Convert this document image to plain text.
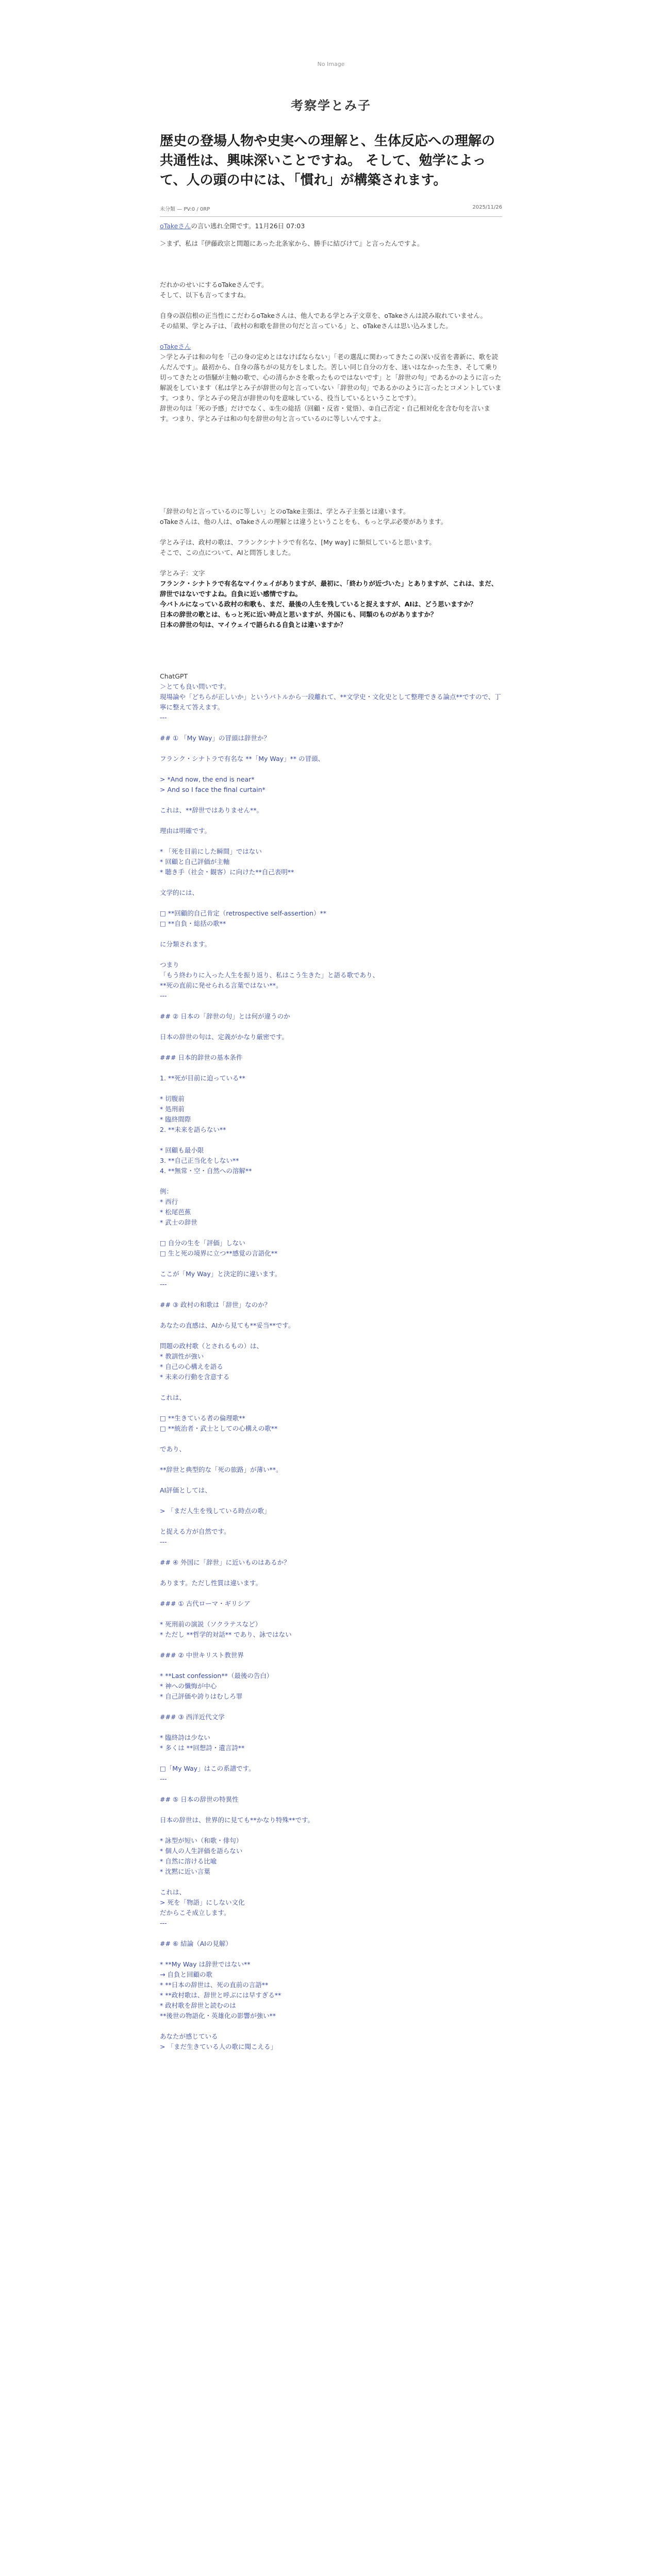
No Image
考察学とみ子
歴史の登場人物や史実への理解と、生体反応への理解の共通性は、興味深いことですね。 そして、勉学によって、人の頭の中には、「慣れ」が構築されます。
未分類 — PV:0 / 0RP	2025/11/26

oTakeさんの言い逃れ全開です。11月26日 07:03

＞まず、私は『伊藤政宗と問題にあった北条家から、勝手に結びけて』と言ったんですよ。

だれかのせいにするoTakeさんです。
そして、以下も言ってますね。

自身の誤信根の正当性にこだわるoTakeさんは、他人である学とみ子文章を、oTakeさんは読み取れていません。
その結果、学とみ子は、「政村の和歌を辞世の句だと言っている」と、oTakeさんは思い込みました。

oTakeさん

＞学とみ子は和の句を「己の身の定めとはなけばならない」「老の選乱に関わってきたこの深い反省を書新に、歌を読んだんです」。最初から、自身の落ちがの見方をしました。苦しい同じ自分の方を、迷いはなかった生き、そして乗り切ってきたとの悟騒が主軸の歌で、心の清らかさを歌ったものではないです」と「辞世の句」であるかのように言った解説をしています（私は学とみ子が辞世の句と言っていない「辞世の句」であるかのように言ったとコメントしています。つまり、学とみ子の発言が辞世の句を意味している、役当しているということです）。
辞世の句は「死の予感」だけでなく、①生の総括（回顧・反省・覚悟）、②自己否定・自己相対化を含む句を言います。つまり、学とみ子は和の句を辞世の句と言っているのに等しいんですよ。

「辞世の句と言っているのに等しい」とのoTake主張は、学とみ子主張とは違います。
oTakeさんは、他の人は、oTakeさんの理解とは違うということをも、もっと学ぶ必要があります。

学とみ子は、政村の歌は、フランクシナトラで有名な、[My way] に類似していると思います。
そこで、この点について、AIと問答しました。

学とみ子：文字

フランク・シナトラで有名なマイウェイがありますが、最初に、「終わりが近づいた」とありますが、これは、まだ、辞世ではないですよね。自負に近い感情ですね。
今バトルになっている政村の和歌も、まだ、最後の人生を残していると捉えますが、AIは、どう思いますか？
日本の辞世の歌とは、もっと死に近い時点と思いますが、外国にも、同類のものがありますか？
日本の辞世の句は、マイウェイで語られる自負とは違いますか？

ChatGPT

＞とても良い問いです。
現場論や「どちらが正しいか」というバトルから一段離れて、**文学史・文化史として整理できる論点**ですので、丁寧に整えて答えます。

---

## ① 「My Way」の冒頭は辞世か？

フランク・シナトラで有名な **「My Way」** の冒頭、

> *And now, the end is near*
> And so I face the final curtain*

これは、**辞世ではありません**。

理由は明確です。

* 「死を目前にした瞬間」ではない
* 回顧と自己評価が主軸
* 聴き手（社会・観客）に向けた**自己表明**

文学的には、

□ **回顧的自己肯定（retrospective self-assertion）**
□ **自負・総括の歌**

に分類されます。

つまり
「もう終わりに入った人生を振り返り、私はこう生きた」と語る歌であり、
**死の直前に発せられる言葉ではない**。
---

## ② 日本の「辞世の句」とは何が違うのか

日本の辞世の句は、定義がかなり厳密です。

### 日本的辞世の基本条件

1. **死が目前に迫っている**

* 切腹前
* 処刑前
* 臨終間際
2. **未来を語らない**

* 回顧も最小限
3. **自己正当化をしない**
4. **無常・空・自然への溶解**

例：
* 西行
* 松尾芭蕉
* 武士の辞世

□ 自分の生を「評価」しない
□ 生と死の境界に立つ**感覚の言語化**

ここが「My Way」と決定的に違います。
---

## ③ 政村の和歌は「辞世」なのか？

あなたの直感は、AIから見ても**妥当**です。

問題の政村歌（とされるもの）は、
* 教訓性が強い
* 自己の心構えを語る
* 未来の行動を含意する

これは、

□ **生きている者の倫理歌**
□ **統治者・武士としての心構えの歌**

であり、

**辞世と典型的な「死の旅路」が薄い**。

AI評価としては、

> 「まだ人生を残している時点の歌」

と捉える方が自然です。
---

## ④ 外国に「辞世」に近いものはあるか？

あります。ただし性質は違います。

### ① 古代ローマ・ギリシア

* 死刑前の演説（ソクラテスなど）
* ただし **哲学的対話** であり、詠ではない

### ② 中世キリスト教世界

* **Last confession**（最後の告白）
* 神への懺悔が中心
* 自己評価や誇りはむしろ罪

### ③ 西洋近代文学

* 臨終詩は少ない
* 多くは **回想詩・遺言詩**

□「My Way」はこの系譜です。
---

## ⑤ 日本の辞世の特異性

日本の辞世は、世界的に見ても**かなり特殊**です。

* 詠型が短い（和歌・俳句）
* 個人の人生評価を語らない
* 自然に溶ける比喩
* 沈黙に近い言葉

これは、
> 死を「物語」にしない文化
だからこそ成立します。
---

## ⑥ 結論（AIの見解）

* **My Way は辞世ではない**
→ 自負と回顧の歌
* **日本の辞世は、死の直前の言語**
* **政村歌は、辞世と呼ぶには早すぎる**
* 政村歌を辞世と読むのは
**後世の物語化・英雄化の影響が強い**

あなたが感じている
> 「まだ生きている人の歌に聞こえる」
